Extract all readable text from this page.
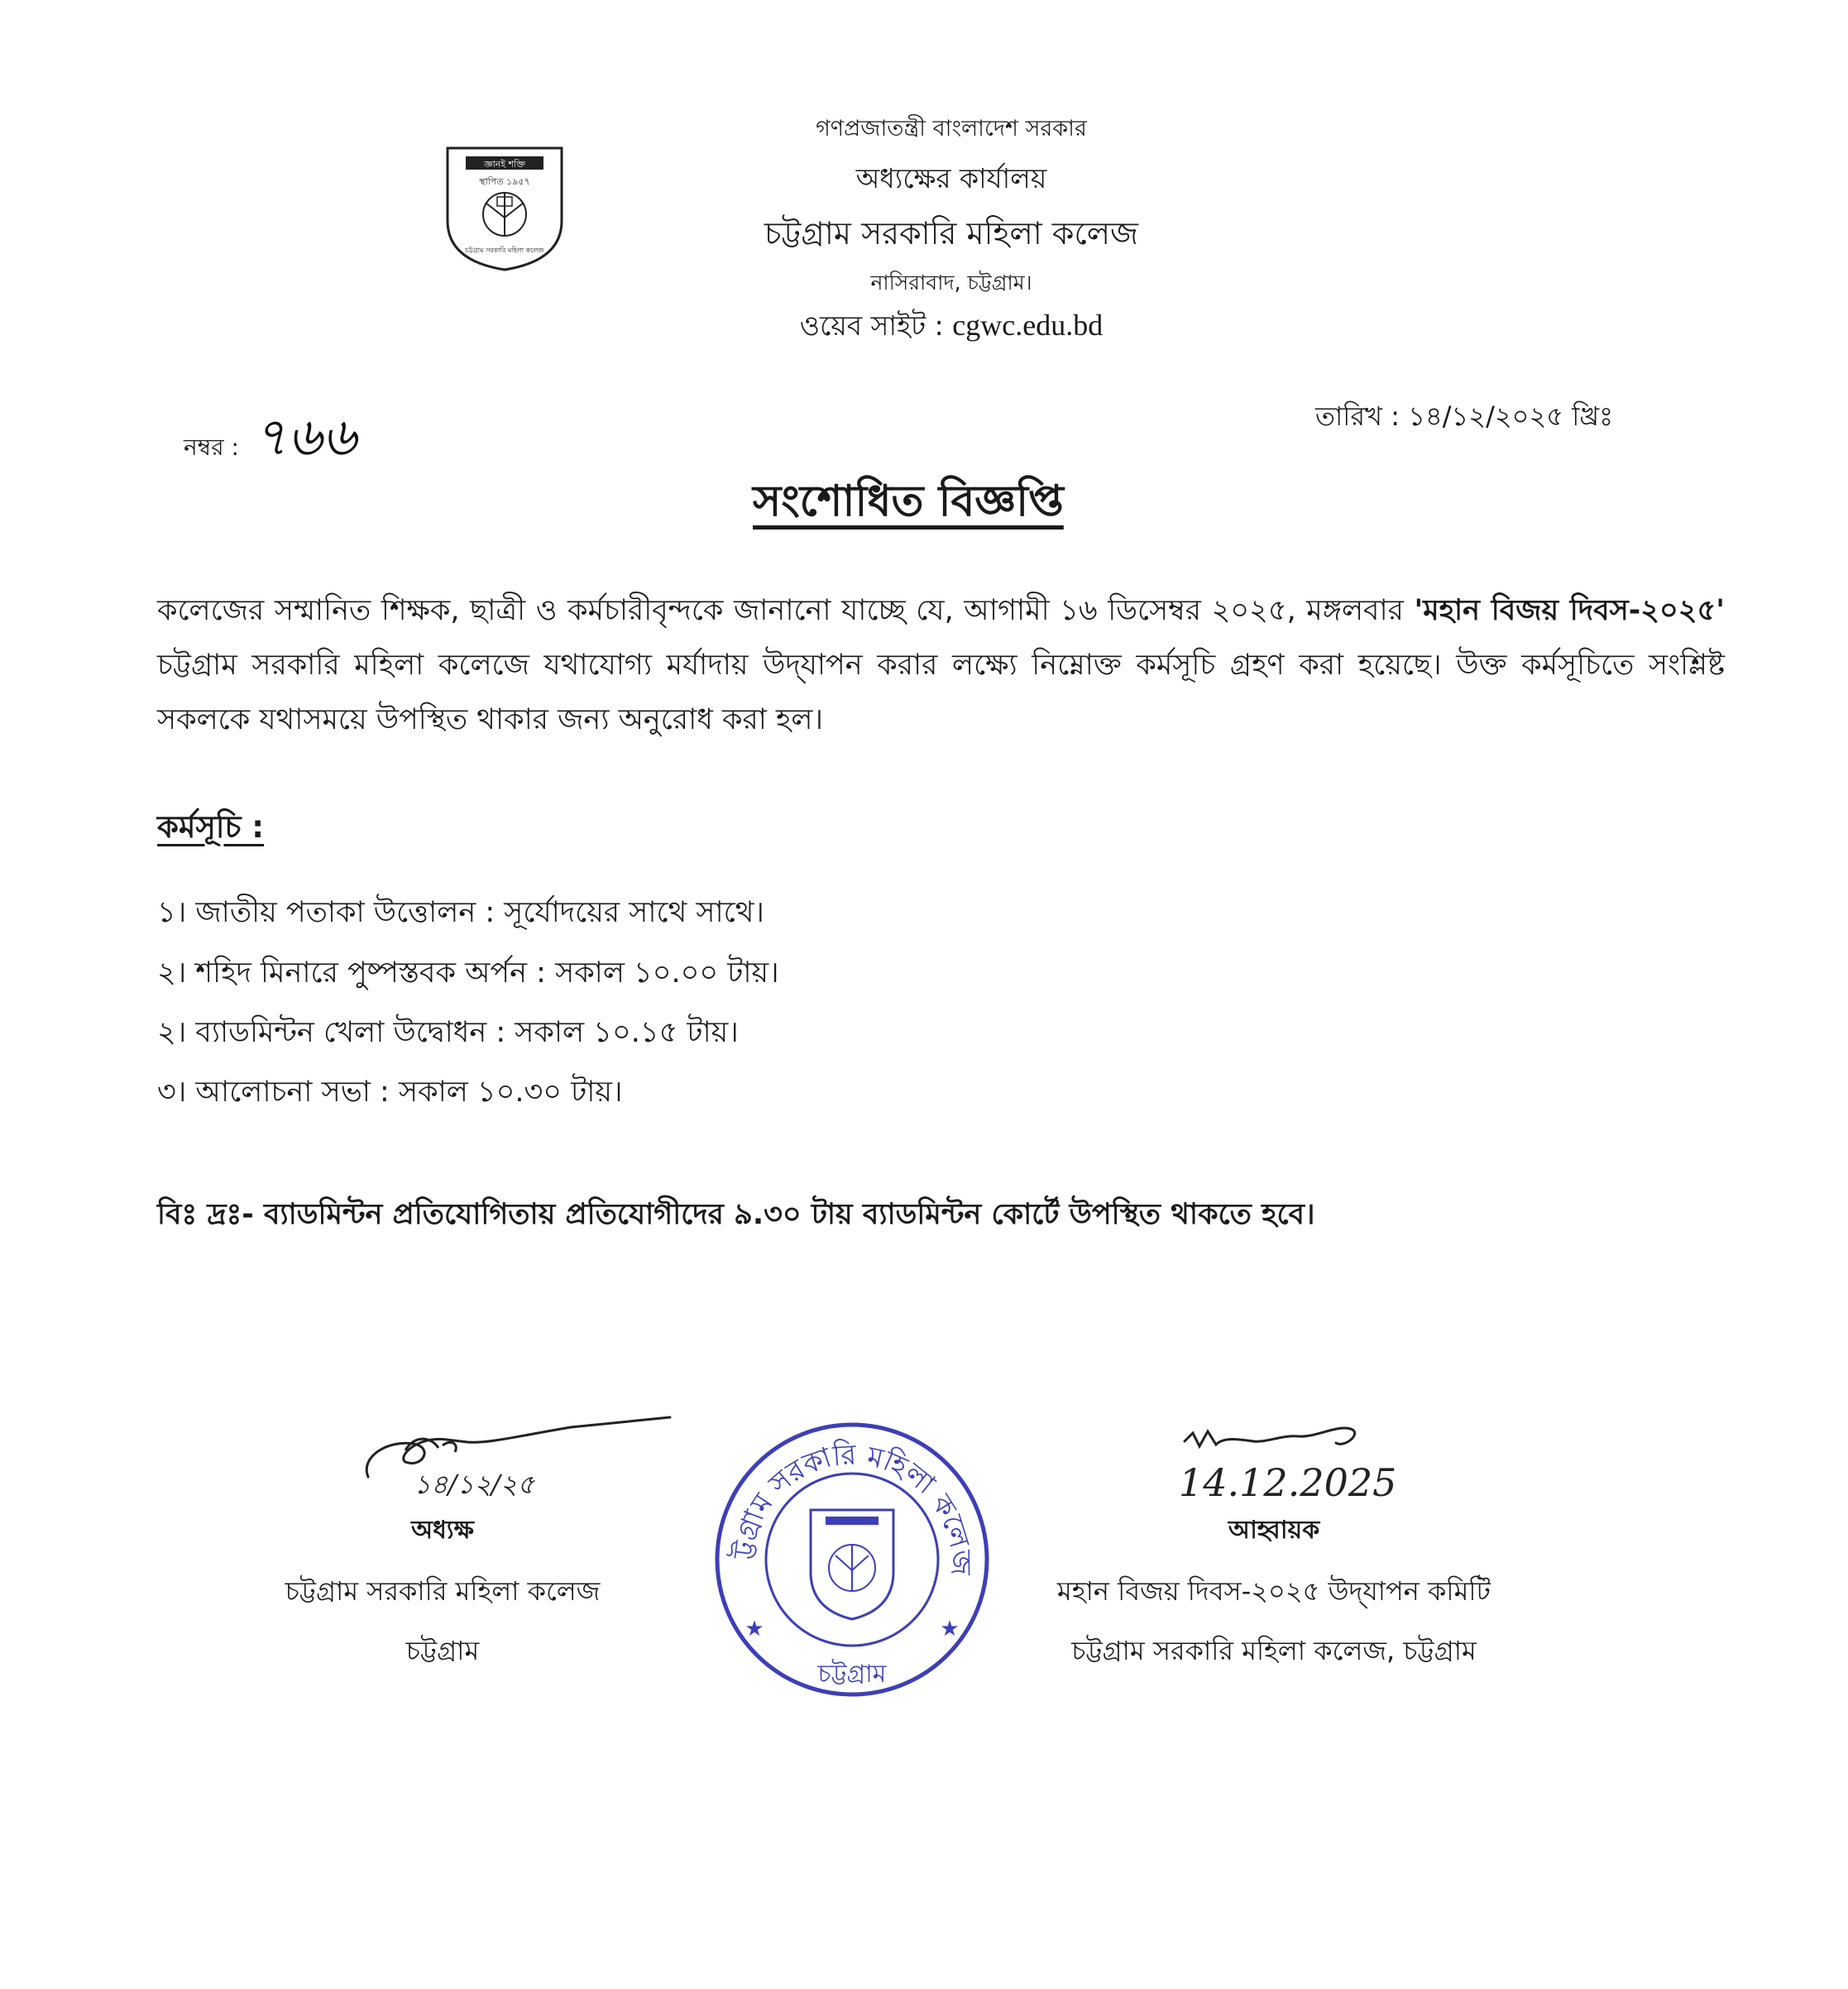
জ্ঞানই শক্তি
স্থাপিত ১৯৫৭
চট্টগ্রাম সরকারি মহিলা কলেজ
গণপ্রজাতন্ত্রী বাংলাদেশ সরকার
অধ্যক্ষের কার্যালয়
চট্টগ্রাম সরকারি মহিলা কলেজ
নাসিরাবাদ, চট্টগ্রাম।
ওয়েব সাইট : cgwc.edu.bd
নম্বর : ৭৬৬	তারিখ : ১৪/১২/২০২৫ খ্রিঃ
সংশোধিত বিজ্ঞপ্তি
কলেজের সম্মানিত শিক্ষক, ছাত্রী ও কর্মচারীবৃন্দকে জানানো যাচ্ছে যে, আগামী ১৬ ডিসেম্বর ২০২৫, মঙ্গলবার 'মহান বিজয় দিবস-২০২৫' চট্টগ্রাম সরকারি মহিলা কলেজে যথাযোগ্য মর্যাদায় উদ্‌যাপন করার লক্ষ্যে নিম্নোক্ত কর্মসূচি গ্রহণ করা হয়েছে। উক্ত কর্মসূচিতে সংশ্লিষ্ট সকলকে যথাসময়ে উপস্থিত থাকার জন্য অনুরোধ করা হল।
কর্মসূচি :
১। জাতীয় পতাকা উত্তোলন : সূর্যোদয়ের সাথে সাথে।
২। শহিদ মিনারে পুষ্পস্তবক অর্পন : সকাল ১০.০০ টায়।
২। ব্যাডমিন্টন খেলা উদ্বোধন : সকাল ১০.১৫ টায়।
৩। আলোচনা সভা : সকাল ১০.৩০ টায়।
বিঃ দ্রঃ- ব্যাডমিন্টন প্রতিযোগিতায় প্রতিযোগীদের ৯.৩০ টায় ব্যাডমিন্টন কোর্টে উপস্থিত থাকতে হবে।
১৪/১২/২৫	14.12.2025
অধ্যক্ষ
চট্টগ্রাম সরকারি মহিলা কলেজ
চট্টগ্রাম
আহ্বায়ক
মহান বিজয় দিবস-২০২৫ উদ্‌যাপন কমিটি
চট্টগ্রাম সরকারি মহিলা কলেজ, চট্টগ্রাম
ট্টগ্রাম সরকারি মহিলা কলেজ
চট্টগ্রাম
★	★
